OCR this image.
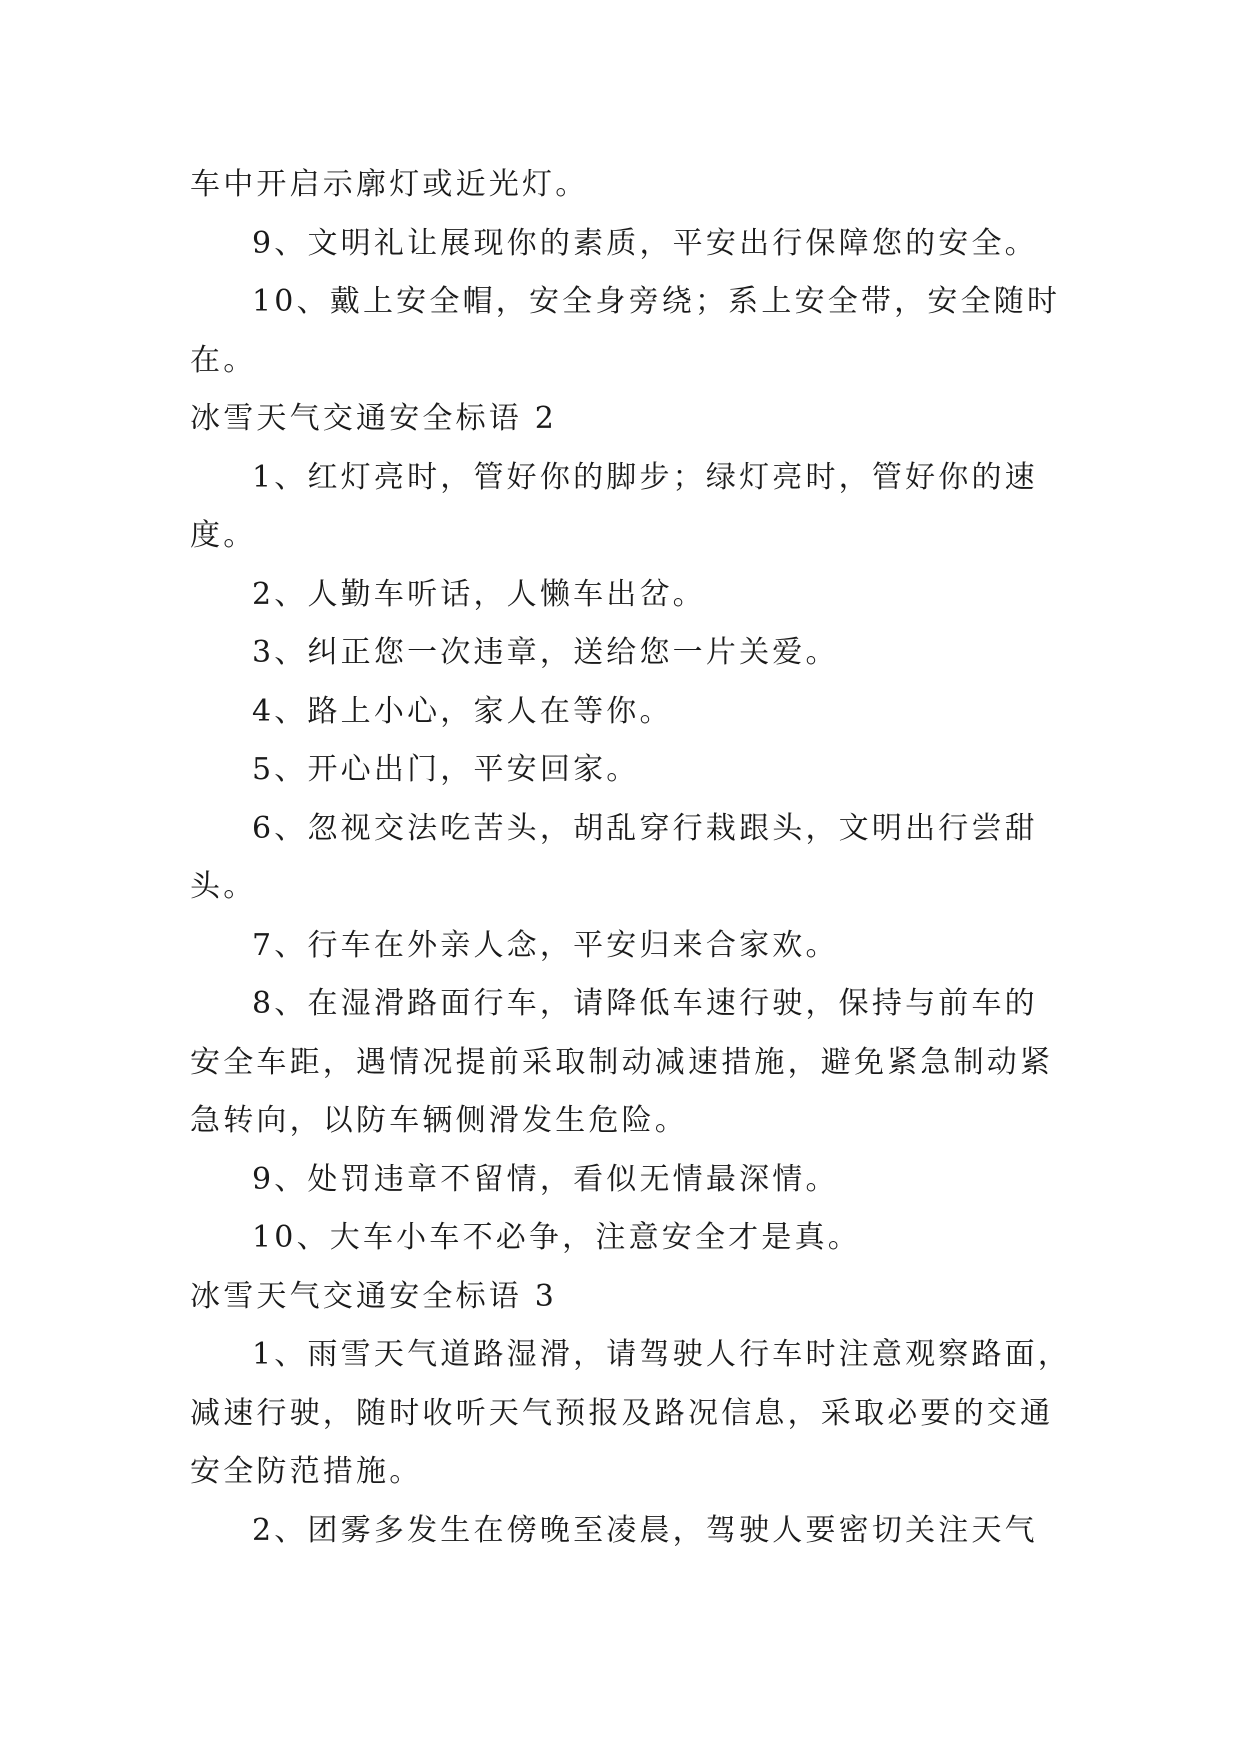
车中开启示廓灯或近光灯。
9、文明礼让展现你的素质，平安出行保障您的安全。
10、戴上安全帽，安全身旁绕；系上安全带，安全随时
在。
冰雪天气交通安全标语 2
1、红灯亮时，管好你的脚步；绿灯亮时，管好你的速
度。
2、人勤车听话，人懒车出岔。
3、纠正您一次违章，送给您一片关爱。
4、路上小心，家人在等你。
5、开心出门，平安回家。
6、忽视交法吃苦头，胡乱穿行栽跟头，文明出行尝甜
头。
7、行车在外亲人念，平安归来合家欢。
8、在湿滑路面行车，请降低车速行驶，保持与前车的
安全车距，遇情况提前采取制动减速措施，避免紧急制动紧
急转向，以防车辆侧滑发生危险。
9、处罚违章不留情，看似无情最深情。
10、大车小车不必争，注意安全才是真。
冰雪天气交通安全标语 3
1、雨雪天气道路湿滑，请驾驶人行车时注意观察路面，
减速行驶，随时收听天气预报及路况信息，采取必要的交通
安全防范措施。
2、团雾多发生在傍晚至凌晨，驾驶人要密切关注天气
